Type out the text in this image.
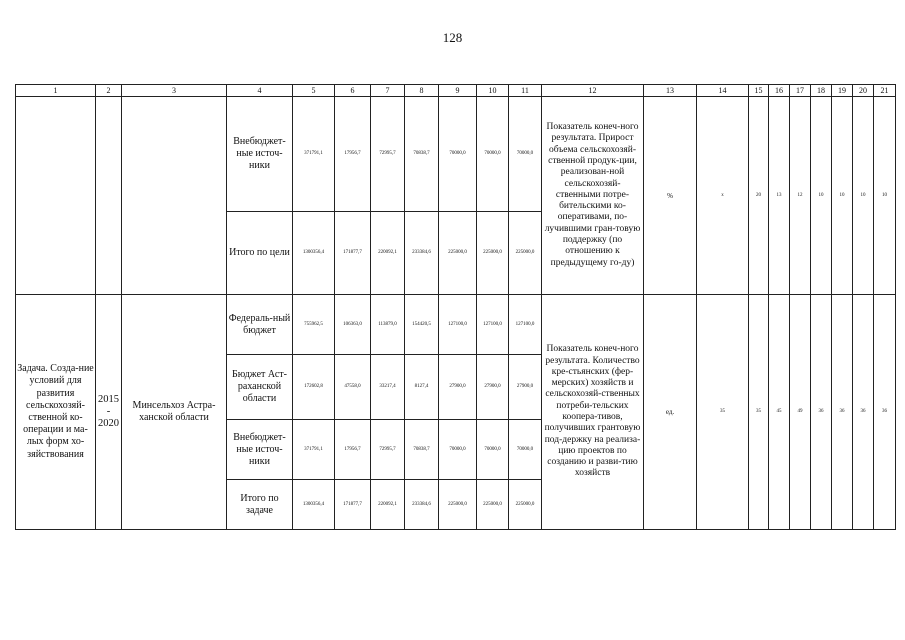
128
1	2	3	4	5	6	7	8	9	10	11	12	13	14	15	16	17	18	19	20	21
			Внебюджет-ные источ-ники	371791,1	17956,7	72995,7	70838,7	70000,0	70000,0	70000,0	Показатель конеч-ного результата. Прирост объема сельскохозяй-ственной продук-ции, реализован-ной сельскохозяй-ственными потре-бительскими ко-оперативами, по-лучившими гран-товую поддержку (по отношению к предыдущему го-ду)	%	х	20	13	12	10	10	10	10
			Итого по цели	1300356,4	171877,7	220092,1	233384,6	225000,0	225000,0	225000,0										
Задача. Созда-ние условий для развития сельскохозяй-ственной ко-операции и ма-лых форм хо-зяйствования	2015 - 2020	Минсельхоз Астра-ханской области	Федераль-ный бюджет	755962,5	106363,0	113879,0	154420,5	127100,0	127100,0	127100,0	Показатель конеч-ного результата. Количество кре-стьянских (фер-мерских) хозяйств и сельскохозяй-ственных потреби-тельских коопера-тивов, получивших грантовую под-держку на реализа-цию проектов по созданию и разви-тию хозяйств	ед.	35	35	45	49	36	36	36	36
			Бюджет Аст-раханской области	172602,8	47558,0	33217,4	8127,4	27900,0	27900,0	27900,0										
			Внебюджет-ные источ-ники	371791,1	17956,7	72995,7	70838,7	70000,0	70000,0	70000,0										
			Итого по задаче	1300356,4	171877,7	220092,1	233384,6	225000,0	225000,0	225000,0										
